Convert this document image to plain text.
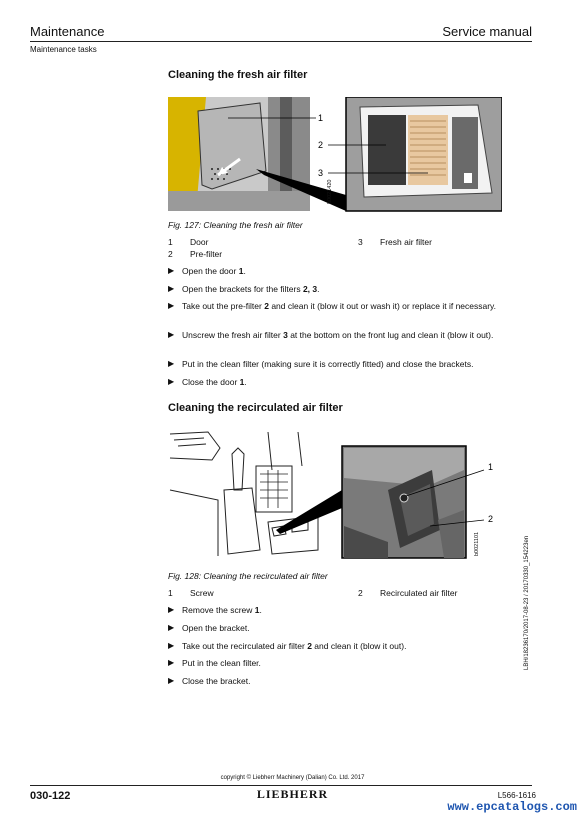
Maintenance	Service manual
Maintenance tasks
Cleaning the fresh air filter
1
2
3
b0021420
Fig. 127: Cleaning the fresh air filter
1 Door
2 Pre-filter
3 Fresh air filter
▶ Open the door 1.
▶ Open the brackets for the filters 2, 3.
▶ Take out the pre-filter 2 and clean it (blow it out or wash it) or replace it if necessary.
▶ Unscrew the fresh air filter 3 at the bottom on the front lug and clean it (blow it out).
▶ Put in the clean filter (making sure it is correctly fitted) and close the brackets.
▶ Close the door 1.
Cleaning the recirculated air filter
1
2
b0021101
Fig. 128: Cleaning the recirculated air filter
1 Screw	2 Recirculated air filter
▶ Remove the screw 1.
▶ Open the bracket.
▶ Take out the recirculated air filter 2 and clean it (blow it out).
▶ Put in the clean filter.
▶ Close the bracket.
LBH/18236170/2017-08-23 / 20170330_154223en
copyright © Liebherr Machinery (Dalian) Co. Ltd. 2017
030-122	LIEBHERR	L566-1616
www.epcatalogs.com
